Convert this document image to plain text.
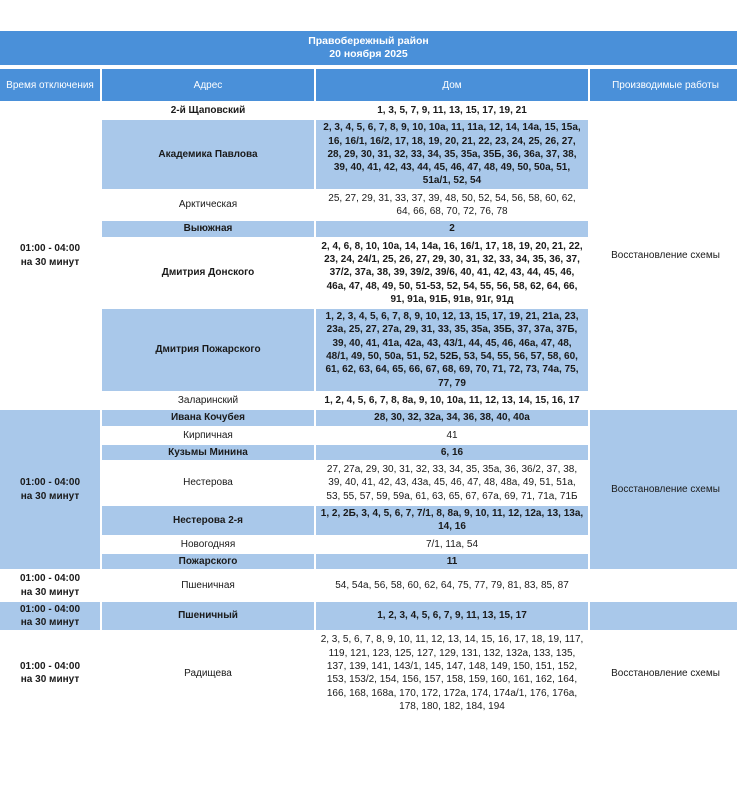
Правобережный район
20 ноября 2025
Время отключения	Адрес	Дом	Производимые работы

01:00 - 04:00
на 30 минут	2-й Щаповский	1, 3, 5, 7, 9, 11, 13, 15, 17, 19, 21	Восстановление схемы
	Академика Павлова	2, 3, 4, 5, 6, 7, 8, 9, 10, 10а, 11, 11а, 12, 14, 14а, 15, 15а, 16, 16/1, 16/2, 17, 18, 19, 20, 21, 22, 23, 24, 25, 26, 27, 28, 29, 30, 31, 32, 33, 34, 35, 35а, 35Б, 36, 36а, 37, 38, 39, 40, 41, 42, 43, 44, 45, 46, 47, 48, 49, 50, 50а, 51, 51а/1, 52, 54	
	Арктическая	25, 27, 29, 31, 33, 37, 39, 48, 50, 52, 54, 56, 58, 60, 62, 64, 66, 68, 70, 72, 76, 78	
	Выюжная	2	
	Дмитрия Донского	2, 4, 6, 8, 10, 10а, 14, 14а, 16, 16/1, 17, 18, 19, 20, 21, 22, 23, 24, 24/1, 25, 26, 27, 29, 30, 31, 32, 33, 34, 35, 36, 37, 37/2, 37а, 38, 39, 39/2, 39/6, 40, 41, 42, 43, 44, 45, 46, 46а, 47, 48, 49, 50, 51-53, 52, 54, 55, 56, 58, 62, 64, 66, 91, 91а, 91Б, 91в, 91г, 91д	
	Дмитрия Пожарского	1, 2, 3, 4, 5, 6, 7, 8, 9, 10, 12, 13, 15, 17, 19, 21, 21а, 23, 23а, 25, 27, 27а, 29, 31, 33, 35, 35а, 35Б, 37, 37а, 37Б, 39, 40, 41, 41а, 42а, 43, 43/1, 44, 45, 46, 46а, 47, 48, 48/1, 49, 50, 50а, 51, 52, 52Б, 53, 54, 55, 56, 57, 58, 60, 61, 62, 63, 64, 65, 66, 67, 68, 69, 70, 71, 72, 73, 74а, 75, 77, 79	
	Заларинский	1, 2, 4, 5, 6, 7, 8, 8а, 9, 10, 10а, 11, 12, 13, 14, 15, 16, 17	

01:00 - 04:00
на 30 минут	Ивана Кочубея	28, 30, 32, 32а, 34, 36, 38, 40, 40а	Восстановление схемы
	Кирпичная	41	
	Кузьмы Минина	6, 16	
	Нестерова	27, 27а, 29, 30, 31, 32, 33, 34, 35, 35а, 36, 36/2, 37, 38, 39, 40, 41, 42, 43, 43а, 45, 46, 47, 48, 48а, 49, 51, 51а, 53, 55, 57, 59, 59а, 61, 63, 65, 67, 67а, 69, 71, 71а, 71Б	
	Нестерова 2-я	1, 2, 2Б, 3, 4, 5, 6, 7, 7/1, 8, 8а, 9, 10, 11, 12, 12а, 13, 13а, 14, 16	
	Новогодняя	7/1, 11а, 54	
	Пожарского	11	

01:00 - 04:00
на 30 минут	Пшеничная	54, 54а, 56, 58, 60, 62, 64, 75, 77, 79, 81, 83, 85, 87	

01:00 - 04:00
на 30 минут	Пшеничный	1, 2, 3, 4, 5, 6, 7, 9, 11, 13, 15, 17	

01:00 - 04:00
на 30 минут	Радищева	2, 3, 5, 6, 7, 8, 9, 10, 11, 12, 13, 14, 15, 16, 17, 18, 19, 117, 119, 121, 123, 125, 127, 129, 131, 132, 132а, 133, 135, 137, 139, 141, 143/1, 145, 147, 148, 149, 150, 151, 152, 153, 153/2, 154, 156, 157, 158, 159, 160, 161, 162, 164, 166, 168, 168а, 170, 172, 172а, 174, 174а/1, 176, 176а, 178, 180, 182, 184, 194	Восстановление схемы
